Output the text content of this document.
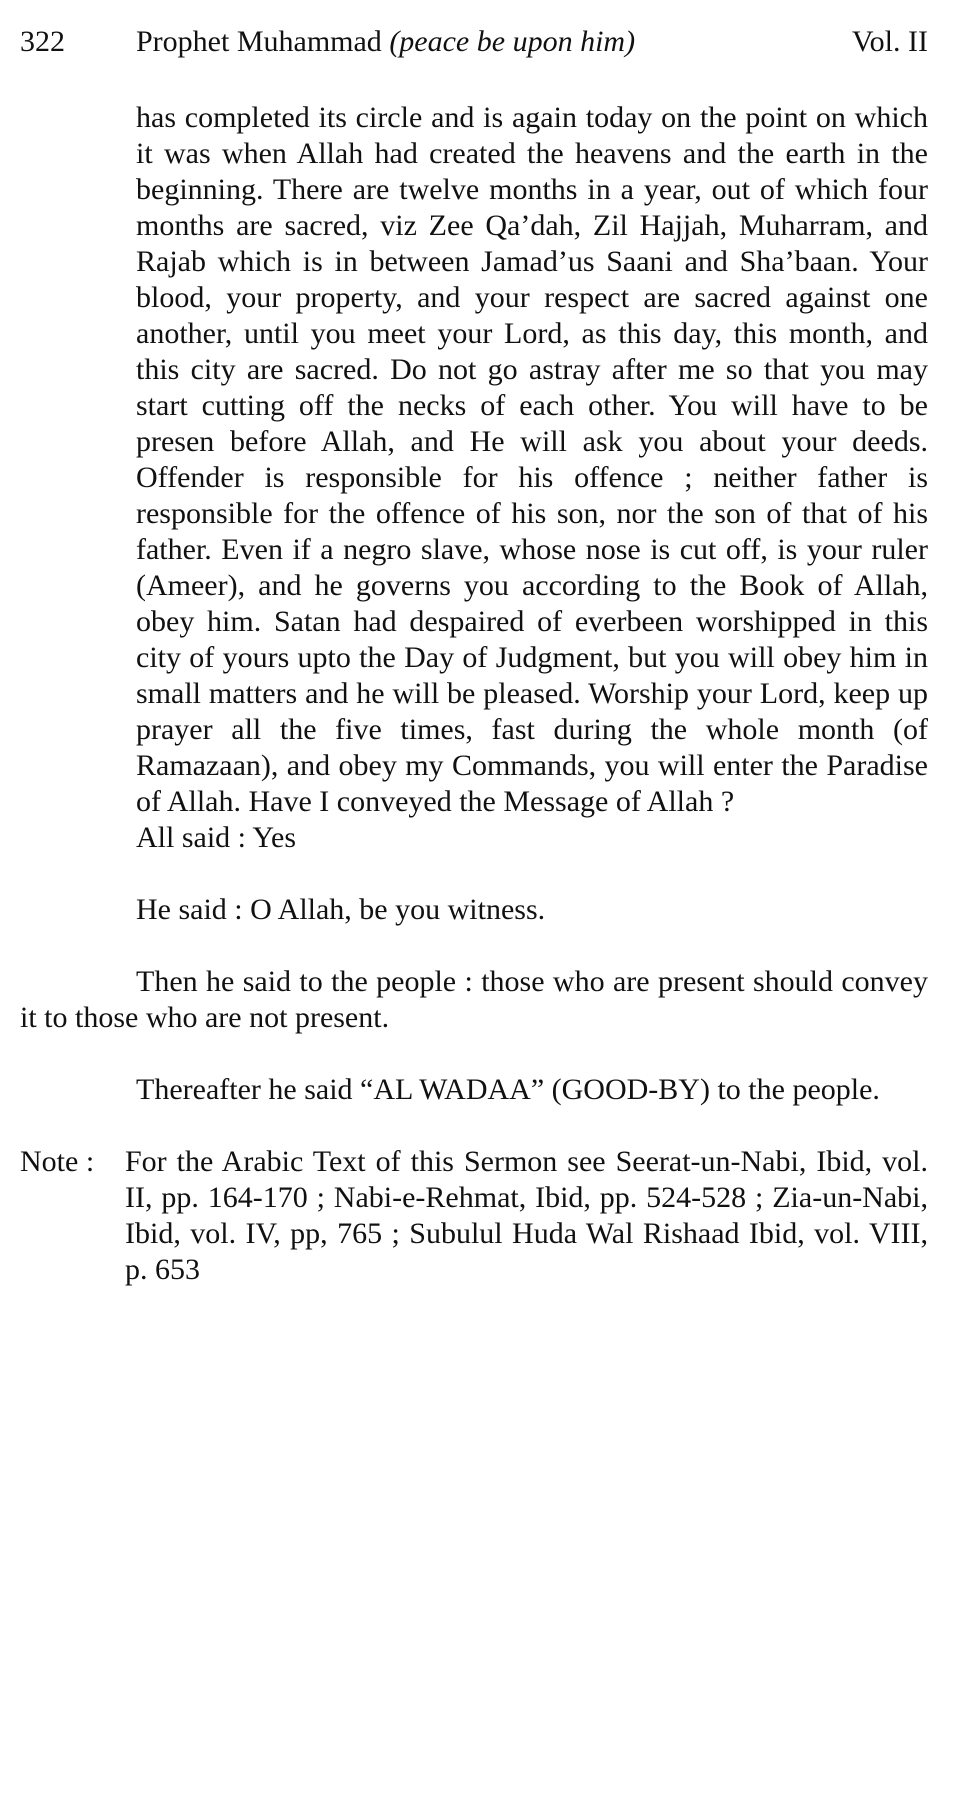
322 Prophet Muhammad (peace be upon him)	Vol. II

has completed its circle and is again today on the point on which it was when Allah had created the heavens and the earth in the beginning. There are twelve months in a year, out of which four months are sacred, viz Zee Qa’dah, Zil Hajjah, Muharram, and Rajab which is in between Jamad’us Saani and Sha’baan. Your blood, your property, and your respect are sacred against one another, until you meet your Lord, as this day, this month, and this city are sacred. Do not go astray after me so that you may start cutting off the necks of each other. You will have to be presen before Allah, and He will ask you about your deeds. Offender is responsible for his offence ; neither father is responsible for the offence of his son, nor the son of that of his father. Even if a negro slave, whose nose is cut off, is your ruler (Ameer), and he governs you according to the Book of Allah, obey him. Satan had despaired of everbeen worshipped in this city of yours upto the Day of Judgment, but you will obey him in small matters and he will be pleased. Worship your Lord, keep up prayer all the five times, fast during the whole month (of Ramazaan), and obey my Commands, you will enter the Paradise of Allah. Have I conveyed the Message of Allah ?

All said : Yes
He said : O Allah, be you witness.

Then he said to the people : those who are present should convey it to those who are not present.

Thereafter he said “AL WADAA” (GOOD-BY) to the people.

Note : For the Arabic Text of this Sermon see Seerat-un-Nabi, Ibid, vol. II, pp. 164-170 ; Nabi-e-Rehmat, Ibid, pp. 524-528 ; Zia-un-Nabi, Ibid, vol. IV, pp, 765 ; Subulul Huda Wal Rishaad Ibid, vol. VIII, p. 653
